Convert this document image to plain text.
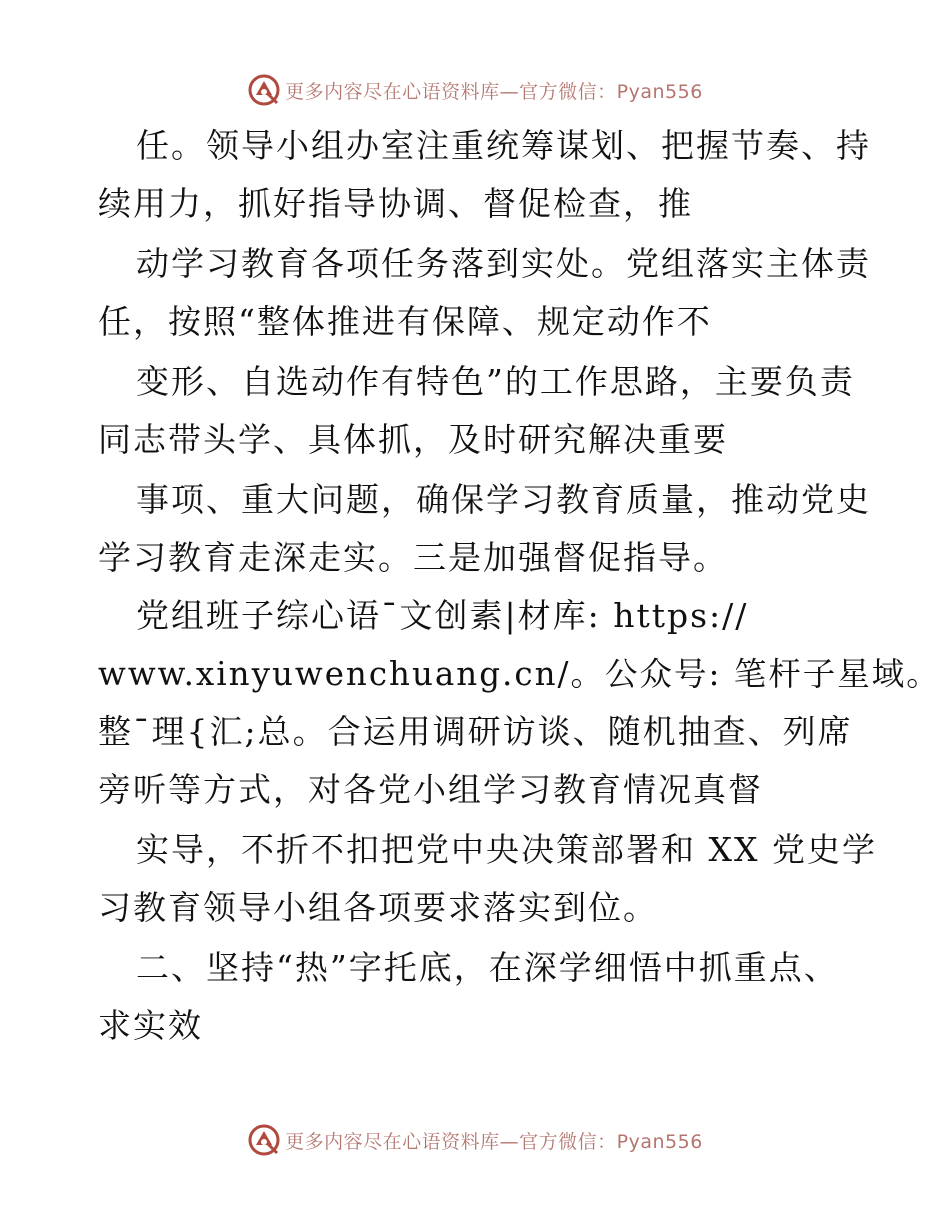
更多内容尽在心语资料库—官方微信：Pyan556
任。领导小组办室注重统筹谋划、把握节奏、持
续用力，抓好指导协调、督促检查，推
动学习教育各项任务落到实处。党组落实主体责
任，按照“整体推进有保障、规定动作不
变形、自选动作有特色”的工作思路，主要负责
同志带头学、具体抓，及时研究解决重要
事项、重大问题，确保学习教育质量，推动党史
学习教育走深走实。三是加强督促指导。
党组班子综心语¯文创素|材库: https://
www.xinyuwenchuang.cn/。公众号: 笔杆子星域。
整¯理{汇;总。合运用调研访谈、随机抽查、列席
旁听等方式，对各党小组学习教育情况真督
实导，不折不扣把党中央决策部署和 XX 党史学
习教育领导小组各项要求落实到位。
二、坚持“热”字托底，在深学细悟中抓重点、
求实效
更多内容尽在心语资料库—官方微信：Pyan556
